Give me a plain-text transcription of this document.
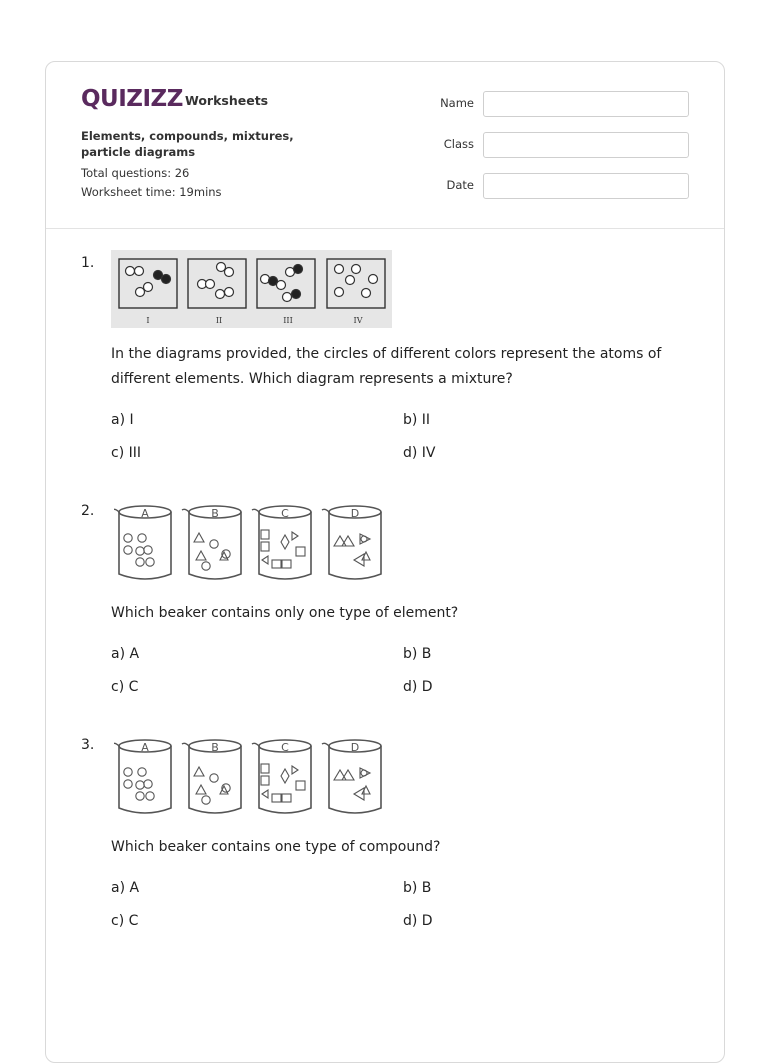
QUIZIZZ Worksheets
Elements, compounds, mixtures, particle diagrams
Total questions: 26
Worksheet time: 19mins
Name
Class
Date
1.
I	II	III	IV
In the diagrams provided, the circles of different colors represent the atoms of different elements. Which diagram represents a mixture?
a) I	b) II
c) III	d) IV
2.	A	B	C	D
Which beaker contains only one type of element?
a) A	b) B
c) C	d) D
3.	A	B	C	D
Which beaker contains one type of compound?
a) A	b) B
c) C	d) D
